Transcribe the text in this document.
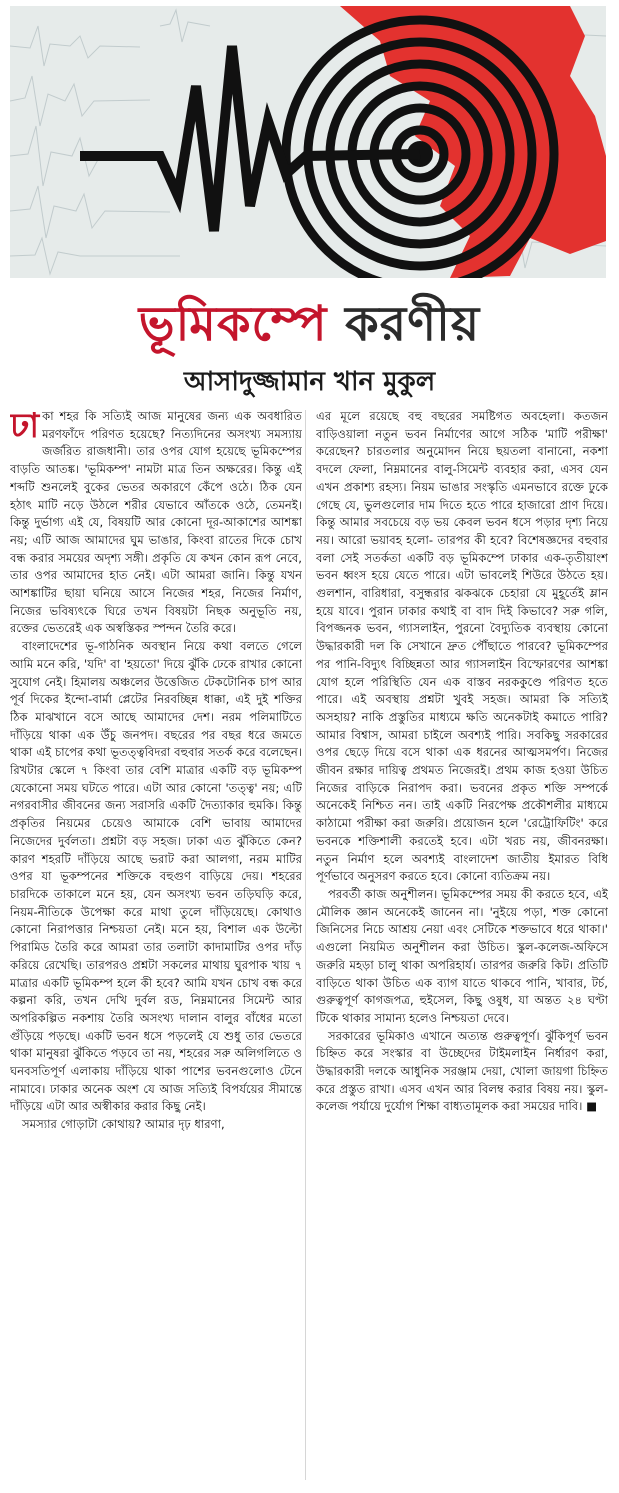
ভূমিকম্পে করণীয়
আসাদুজ্জামান খান মুকুল

ঢাকা শহর কি সত্যিই আজ মানুষের জন্য এক অবধারিত মরণফাঁদে পরিণত হয়েছে? নিত্যদিনের অসংখ্য সমস্যায় জর্জরিত রাজধানী। তার ওপর যোগ হয়েছে ভূমিকম্পের বাড়তি আতঙ্ক। 'ভূমিকম্প' নামটা মাত্র তিন অক্ষরের। কিন্তু এই শব্দটি শুনলেই বুকের ভেতর অকারণে কেঁপে ওঠে। ঠিক যেন হঠাৎ মাটি নড়ে উঠলে শরীর যেভাবে আঁতকে ওঠে, তেমনই। কিন্তু দুর্ভাগ্য এই যে, বিষয়টি আর কোনো দূর-আকাশের আশঙ্কা নয়; এটি আজ আমাদের ঘুম ভাঙার, কিংবা রাতের দিকে চোখ বন্ধ করার সময়ের অদৃশ্য সঙ্গী। প্রকৃতি যে কখন কোন রূপ নেবে, তার ওপর আমাদের হাত নেই। এটা আমরা জানি। কিন্তু যখন আশঙ্কাটির ছায়া ঘনিয়ে আসে নিজের শহর, নিজের নির্মাণ, নিজের ভবিষ্যৎকে ঘিরে তখন বিষয়টা নিছক অনুভূতি নয়, রক্তের ভেতরেই এক অস্বস্তিকর স্পন্দন তৈরি করে।

বাংলাদেশের ভূ-গাঠনিক অবস্থান নিয়ে কথা বলতে গেলে আমি মনে করি, 'যদি' বা 'হয়তো' দিয়ে ঝুঁকি ঢেকে রাখার কোনো সুযোগ নেই। হিমালয় অঞ্চলের উত্তেজিত টেকটোনিক চাপ আর পূর্ব দিকের ইন্দো-বার্মা প্লেটের নিরবচ্ছিন্ন ধাক্কা, এই দুই শক্তির ঠিক মাঝখানে বসে আছে আমাদের দেশ। নরম পলিমাটিতে দাঁড়িয়ে থাকা এক উঁচু জনপদ। বছরের পর বছর ধরে জমতে থাকা এই চাপের কথা ভূতত্ত্ববিদরা বহুবার সতর্ক করে বলেছেন। রিখটার স্কেলে ৭ কিংবা তার বেশি মাত্রার একটি বড় ভূমিকম্প যেকোনো সময় ঘটতে পারে। এটা আর কোনো 'তত্ত্ব' নয়; এটি নগরবাসীর জীবনের জন্য সরাসরি একটি দৈত্যাকার হুমকি। কিন্তু প্রকৃতির নিয়মের চেয়েও আমাকে বেশি ভাবায় আমাদের নিজেদের দুর্বলতা। প্রশ্নটা বড় সহজ। ঢাকা এত ঝুঁকিতে কেন? কারণ শহরটি দাঁড়িয়ে আছে ভরাট করা আলগা, নরম মাটির ওপর যা ভূকম্পনের শক্তিকে বহুগুণ বাড়িয়ে দেয়। শহরের চারদিকে তাকালে মনে হয়, যেন অসংখ্য ভবন তড়িঘড়ি করে, নিয়ম-নীতিকে উপেক্ষা করে মাথা তুলে দাঁড়িয়েছে। কোথাও কোনো নিরাপত্তার নিশ্চয়তা নেই। মনে হয়, বিশাল এক উল্টো পিরামিড তৈরি করে আমরা তার তলাটা কাদামাটির ওপর দাঁড় করিয়ে রেখেছি। তারপরও প্রশ্নটা সকলের মাথায় ঘুরপাক খায় ৭ মাত্রার একটি ভূমিকম্প হলে কী হবে? আমি যখন চোখ বন্ধ করে কল্পনা করি, তখন দেখি দুর্বল রড, নিম্নমানের সিমেন্ট আর অপরিকল্পিত নকশায় তৈরি অসংখ্য দালান বালুর বাঁধের মতো গুঁড়িয়ে পড়ছে। একটি ভবন ধসে পড়লেই যে শুধু তার ভেতরে থাকা মানুষরা ঝুঁকিতে পড়বে তা নয়, শহরের সরু অলিগলিতে ও ঘনবসতিপূর্ণ এলাকায় দাঁড়িয়ে থাকা পাশের ভবনগুলোও টেনে নামাবে। ঢাকার অনেক অংশ যে আজ সত্যিই বিপর্যয়ের সীমান্তে দাঁড়িয়ে এটা আর অস্বীকার করার কিছু নেই।

সমস্যার গোড়াটা কোথায়? আমার দৃঢ় ধারণা,

এর মূলে রয়েছে বহু বছরের সমষ্টিগত অবহেলা। কতজন বাড়িওয়ালা নতুন ভবন নির্মাণের আগে সঠিক 'মাটি পরীক্ষা' করেছেন? চারতলার অনুমোদন নিয়ে ছয়তলা বানানো, নকশা বদলে ফেলা, নিম্নমানের বালু-সিমেন্ট ব্যবহার করা, এসব যেন এখন প্রকাশ্য রহস্য। নিয়ম ভাঙার সংস্কৃতি এমনভাবে রক্তে ঢুকে গেছে যে, ভুলগুলোর দাম দিতে হতে পারে হাজারো প্রাণ দিয়ে। কিন্তু আমার সবচেয়ে বড় ভয় কেবল ভবন ধসে পড়ার দৃশ্য নিয়ে নয়। আরো ভয়াবহ হলো- তারপর কী হবে? বিশেষজ্ঞদের বহুবার বলা সেই সতর্কতা একটি বড় ভূমিকম্পে ঢাকার এক-তৃতীয়াংশ ভবন ধ্বংস হয়ে যেতে পারে। এটা ভাবলেই শিউরে উঠতে হয়। গুলশান, বারিধারা, বসুন্ধরার ঝকঝকে চেহারা যে মুহূর্তেই ম্লান হয়ে যাবে। পুরান ঢাকার কথাই বা বাদ দিই কিভাবে? সরু গলি, বিপজ্জনক ভবন, গ্যাসলাইন, পুরনো বৈদ্যুতিক ব্যবস্থায় কোনো উদ্ধারকারী দল কি সেখানে দ্রুত পৌঁছাতে পারবে? ভূমিকম্পের পর পানি-বিদ্যুৎ বিচ্ছিন্নতা আর গ্যাসলাইন বিস্ফোরণের আশঙ্কা যোগ হলে পরিস্থিতি যেন এক বাস্তব নরককুণ্ডে পরিণত হতে পারে। এই অবস্থায় প্রশ্নটা খুবই সহজ। আমরা কি সত্যিই অসহায়? নাকি প্রস্তুতির মাধ্যমে ক্ষতি অনেকটাই কমাতে পারি? আমার বিশ্বাস, আমরা চাইলে অবশ্যই পারি। সবকিছু সরকারের ওপর ছেড়ে দিয়ে বসে থাকা এক ধরনের আত্মসমর্পণ। নিজের জীবন রক্ষার দায়িত্ব প্রথমত নিজেরই। প্রথম কাজ হওয়া উচিত নিজের বাড়িকে নিরাপদ করা। ভবনের প্রকৃত শক্তি সম্পর্কে অনেকেই নিশ্চিত নন। তাই একটি নিরপেক্ষ প্রকৌশলীর মাধ্যমে কাঠামো পরীক্ষা করা জরুরি। প্রয়োজন হলে 'রেট্রোফিটিং' করে ভবনকে শক্তিশালী করতেই হবে। এটা খরচ নয়, জীবনরক্ষা। নতুন নির্মাণ হলে অবশ্যই বাংলাদেশ জাতীয় ইমারত বিধি পূর্ণভাবে অনুসরণ করতে হবে। কোনো ব্যতিক্রম নয়।

পরবর্তী কাজ অনুশীলন। ভূমিকম্পের সময় কী করতে হবে, এই মৌলিক জ্ঞান অনেকেই জানেন না। 'নুইয়ে পড়া, শক্ত কোনো জিনিসের নিচে আশ্রয় নেয়া এবং সেটিকে শক্তভাবে ধরে থাকা।' এগুলো নিয়মিত অনুশীলন করা উচিত। স্কুল-কলেজ-অফিসে জরুরি মহড়া চালু থাকা অপরিহার্য। তারপর জরুরি কিট। প্রতিটি বাড়িতে থাকা উচিত এক ব্যাগ যাতে থাকবে পানি, খাবার, টর্চ, গুরুত্বপূর্ণ কাগজপত্র, হুইসেল, কিছু ওষুধ, যা অন্তত ২৪ ঘণ্টা টিকে থাকার সামান্য হলেও নিশ্চয়তা দেবে।

সরকারের ভূমিকাও এখানে অত্যন্ত গুরুত্বপূর্ণ। ঝুঁকিপূর্ণ ভবন চিহ্নিত করে সংস্কার বা উচ্ছেদের টাইমলাইন নির্ধারণ করা, উদ্ধারকারী দলকে আধুনিক সরঞ্জাম দেয়া, খোলা জায়গা চিহ্নিত করে প্রস্তুত রাখা। এসব এখন আর বিলম্ব করার বিষয় নয়। স্কুল-কলেজ পর্যায়ে দুর্যোগ শিক্ষা বাধ্যতামূলক করা সময়ের দাবি। ■
